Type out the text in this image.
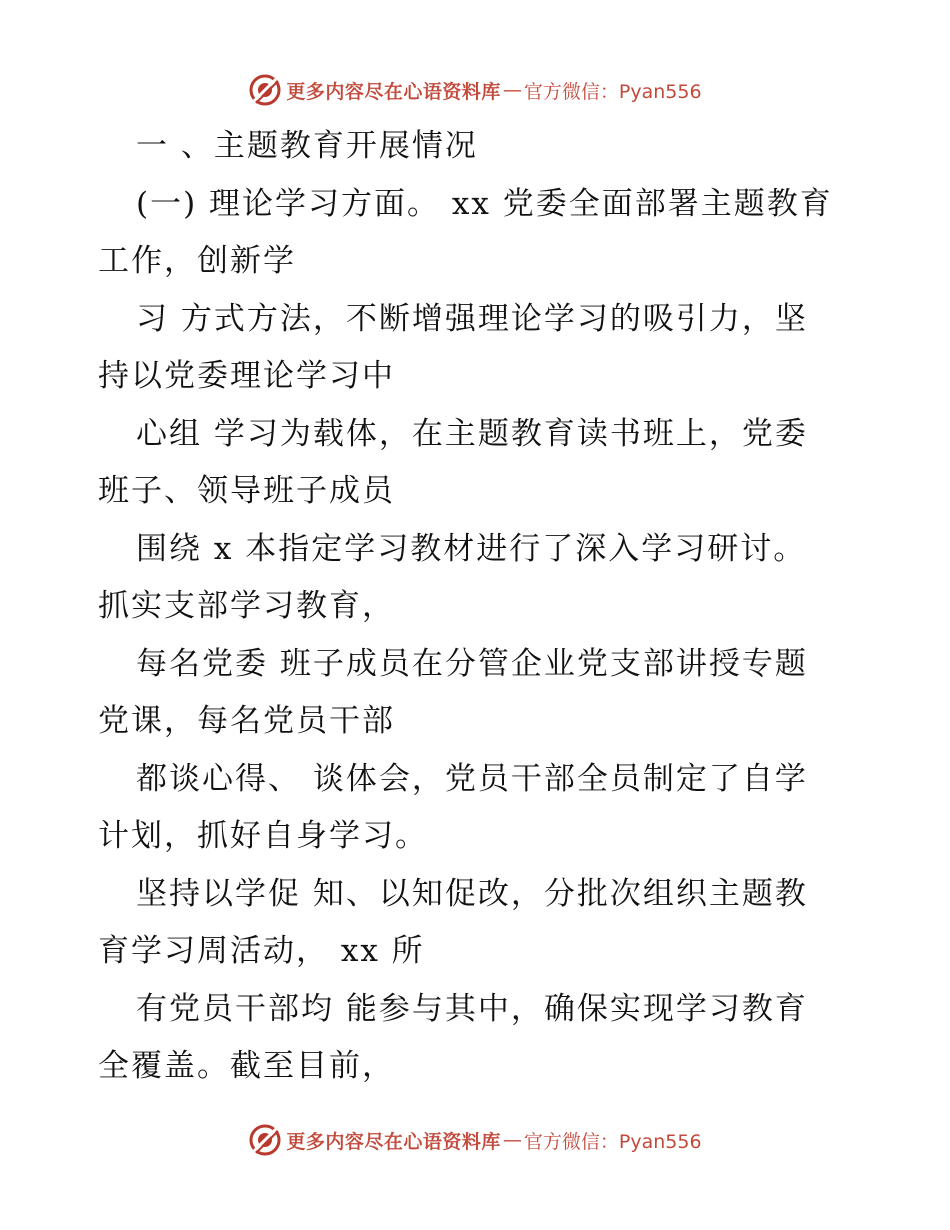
更多内容尽在心语资料库 — 官方微信：Pyan556
一 、主题教育开展情况
(一) 理论学习方面。 xx 党委全面部署主题教育
工作，创新学
习 方式方法，不断增强理论学习的吸引力，坚
持以党委理论学习中
心组 学习为载体，在主题教育读书班上，党委
班子、领导班子成员
围绕 x 本指定学习教材进行了深入学习研讨。
抓实支部学习教育，
每名党委 班子成员在分管企业党支部讲授专题
党课，每名党员干部
都谈心得、 谈体会，党员干部全员制定了自学
计划，抓好自身学习。
坚持以学促 知、以知促改，分批次组织主题教
育学习周活动， xx 所
有党员干部均 能参与其中，确保实现学习教育
全覆盖。截至目前，
更多内容尽在心语资料库 — 官方微信：Pyan556
